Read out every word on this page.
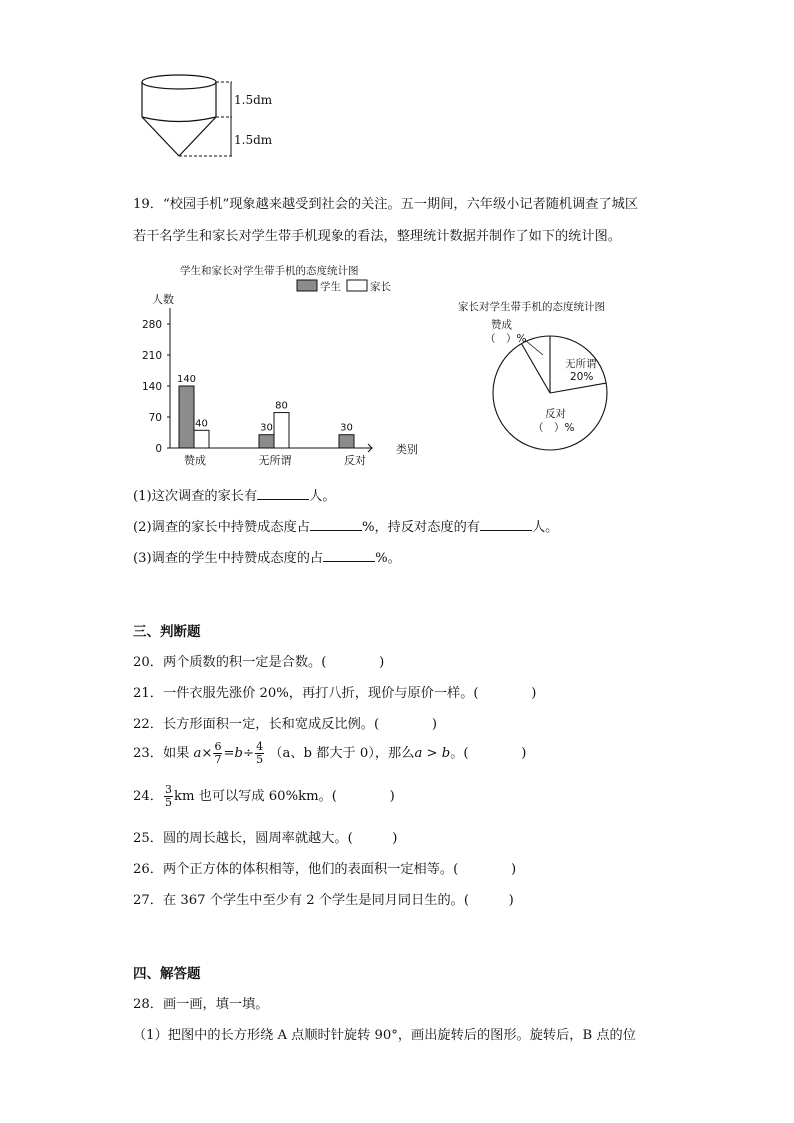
1.5dm
1.5dm
19．“校园手机”现象越来越受到社会的关注。五一期间，六年级小记者随机调查了城区
若干名学生和家长对学生带手机现象的看法，整理统计数据并制作了如下的统计图。
学生和家长对学生带手机的态度统计图
学生	家长
人数
类别
0
70
140
210
280
140
40	30
80
30
赞成	无所谓	反对
家长对学生带手机的态度统计图
赞成
（　）%
无所谓
20%
反对
（　）%
(1)这次调查的家长有	人。
(2)调查的家长中持赞成态度占	%，持反对态度的有	人。
(3)调查的学生中持赞成态度的占	%。
三、判断题
20．两个质数的积一定是合数。(　　　　)
21．一件衣服先涨价 20%，再打八折，现价与原价一样。(　　　　)
22．长方形面积一定，长和宽成反比例。(　　　　)
23．如果 $a\times \frac{6}{7} =b\div \frac{4}{5} (a$、b 都大于 0），那么a > b。(　　　　)
24． $\frac{3}{5}$ km 也可以写成 60%km。(　　　　)
25．圆的周长越长，圆周率就越大。(　　　)
26．两个正方体的体积相等，他们的表面积一定相等。(　　　　)
27．在 367 个学生中至少有 2 个学生是同月同日生的。(　　　)
四、解答题
28．画一画，填一填。
（1）把图中的长方形绕 A 点顺时针旋转 90°，画出旋转后的图形。旋转后，B 点的位
